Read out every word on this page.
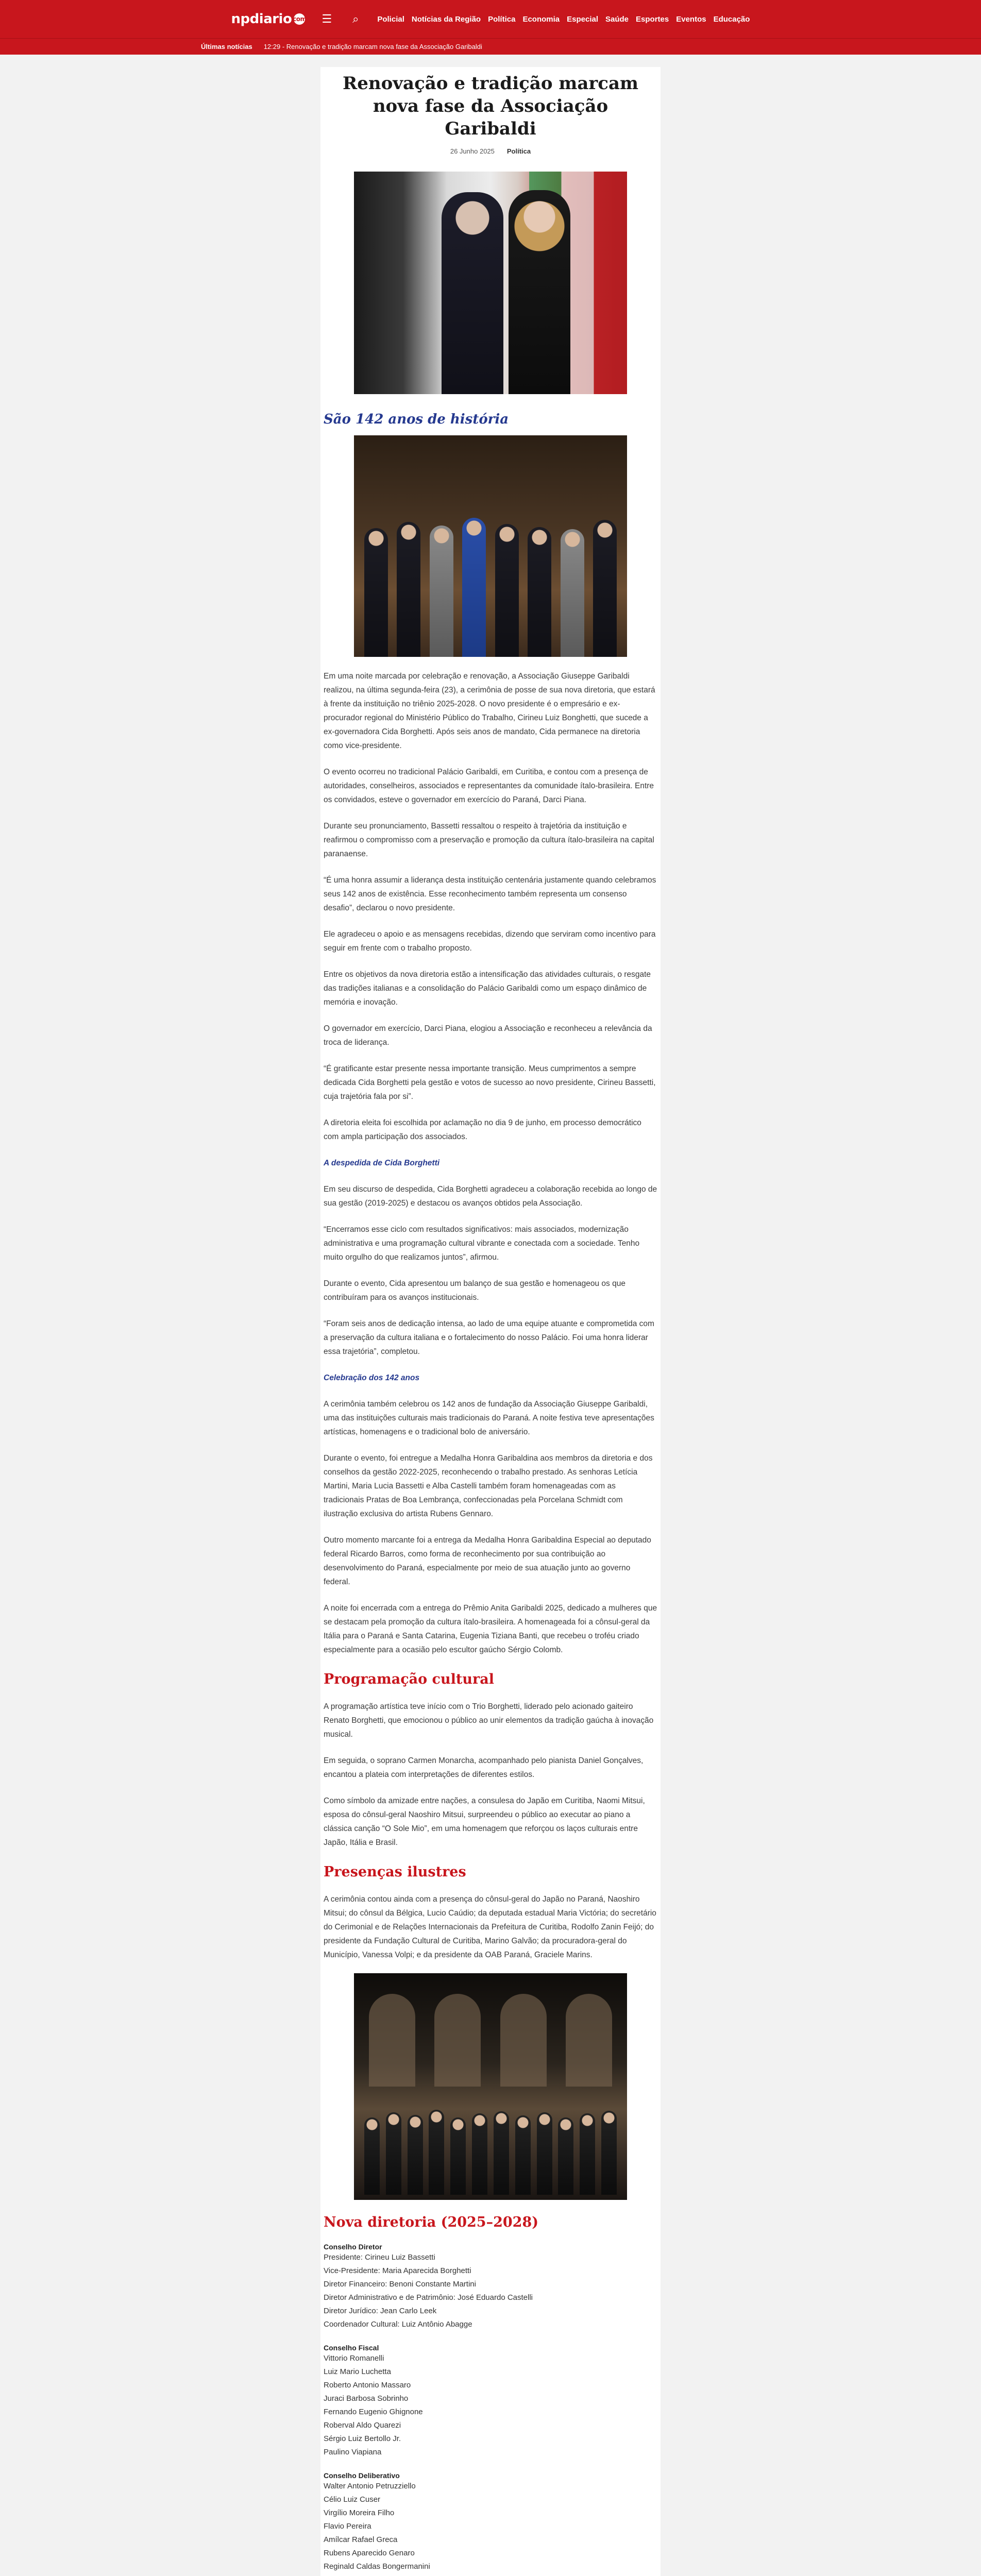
npdiario com ☰	⌕	Policial Notícias da Região Política Economia Especial Saúde Esportes Eventos Educação
Últimas notícias 12:29 - Renovação e tradição marcam nova fase da Associação Garibaldi
Renovação e tradição marcam nova fase da Associação Garibaldi
26 Junho 2025 Política
São 142 anos de história

Em uma noite marcada por celebração e renovação, a Associação Giuseppe Garibaldi realizou, na última segunda-feira (23), a cerimônia de posse de sua nova diretoria, que estará à frente da instituição no triênio 2025-2028. O novo presidente é o empresário e ex-procurador regional do Ministério Público do Trabalho, Cirineu Luiz Bonghetti, que sucede a ex-governadora Cida Borghetti. Após seis anos de mandato, Cida permanece na diretoria como vice-presidente.

O evento ocorreu no tradicional Palácio Garibaldi, em Curitiba, e contou com a presença de autoridades, conselheiros, associados e representantes da comunidade ítalo-brasileira. Entre os convidados, esteve o governador em exercício do Paraná, Darci Piana.

Durante seu pronunciamento, Bassetti ressaltou o respeito à trajetória da instituição e reafirmou o compromisso com a preservação e promoção da cultura ítalo-brasileira na capital paranaense.

“É uma honra assumir a liderança desta instituição centenária justamente quando celebramos seus 142 anos de existência. Esse reconhecimento também representa um consenso desafio”, declarou o novo presidente.

Ele agradeceu o apoio e as mensagens recebidas, dizendo que serviram como incentivo para seguir em frente com o trabalho proposto.

Entre os objetivos da nova diretoria estão a intensificação das atividades culturais, o resgate das tradições italianas e a consolidação do Palácio Garibaldi como um espaço dinâmico de memória e inovação.

O governador em exercício, Darci Piana, elogiou a Associação e reconheceu a relevância da troca de liderança.

“É gratificante estar presente nessa importante transição. Meus cumprimentos a sempre dedicada Cida Borghetti pela gestão e votos de sucesso ao novo presidente, Cirineu Bassetti, cuja trajetória fala por si”.

A diretoria eleita foi escolhida por aclamação no dia 9 de junho, em processo democrático com ampla participação dos associados.

A despedida de Cida Borghetti

Em seu discurso de despedida, Cida Borghetti agradeceu a colaboração recebida ao longo de sua gestão (2019-2025) e destacou os avanços obtidos pela Associação.

“Encerramos esse ciclo com resultados significativos: mais associados, modernização administrativa e uma programação cultural vibrante e conectada com a sociedade. Tenho muito orgulho do que realizamos juntos”, afirmou.

Durante o evento, Cida apresentou um balanço de sua gestão e homenageou os que contribuíram para os avanços institucionais.

“Foram seis anos de dedicação intensa, ao lado de uma equipe atuante e comprometida com a preservação da cultura italiana e o fortalecimento do nosso Palácio. Foi uma honra liderar essa trajetória”, completou.

Celebração dos 142 anos

A cerimônia também celebrou os 142 anos de fundação da Associação Giuseppe Garibaldi, uma das instituições culturais mais tradicionais do Paraná. A noite festiva teve apresentações artísticas, homenagens e o tradicional bolo de aniversário.

Durante o evento, foi entregue a Medalha Honra Garibaldina aos membros da diretoria e dos conselhos da gestão 2022-2025, reconhecendo o trabalho prestado. As senhoras Letícia Martini, Maria Lucia Bassetti e Alba Castelli também foram homenageadas com as tradicionais Pratas de Boa Lembrança, confeccionadas pela Porcelana Schmidt com ilustração exclusiva do artista Rubens Gennaro.

Outro momento marcante foi a entrega da Medalha Honra Garibaldina Especial ao deputado federal Ricardo Barros, como forma de reconhecimento por sua contribuição ao desenvolvimento do Paraná, especialmente por meio de sua atuação junto ao governo federal.

A noite foi encerrada com a entrega do Prêmio Anita Garibaldi 2025, dedicado a mulheres que se destacam pela promoção da cultura ítalo-brasileira. A homenageada foi a cônsul-geral da Itália para o Paraná e Santa Catarina, Eugenia Tiziana Banti, que recebeu o troféu criado especialmente para a ocasião pelo escultor gaúcho Sérgio Colomb.

Programação cultural

A programação artística teve início com o Trio Borghetti, liderado pelo acionado gaiteiro Renato Borghetti, que emocionou o público ao unir elementos da tradição gaúcha à inovação musical.

Em seguida, o soprano Carmen Monarcha, acompanhado pelo pianista Daniel Gonçalves, encantou a plateia com interpretações de diferentes estilos.

Como símbolo da amizade entre nações, a consulesa do Japão em Curitiba, Naomi Mitsui, esposa do cônsul-geral Naoshiro Mitsui, surpreendeu o público ao executar ao piano a clássica canção “O Sole Mio”, em uma homenagem que reforçou os laços culturais entre Japão, Itália e Brasil.

Presenças ilustres

A cerimônia contou ainda com a presença do cônsul-geral do Japão no Paraná, Naoshiro Mitsui; do cônsul da Bélgica, Lucio Caúdio; da deputada estadual Maria Victória; do secretário do Cerimonial e de Relações Internacionais da Prefeitura de Curitiba, Rodolfo Zanin Feijó; do presidente da Fundação Cultural de Curitiba, Marino Galvão; da procuradora-geral do Município, Vanessa Volpi; e da presidente da OAB Paraná, Graciele Marins.

Nova diretoria (2025–2028)
Conselho Diretor
Presidente: Cirineu Luiz Bassetti
Vice-Presidente: Maria Aparecida Borghetti
Diretor Financeiro: Benoni Constante Martini
Diretor Administrativo e de Patrimônio: José Eduardo Castelli
Diretor Jurídico: Jean Carlo Leek
Coordenador Cultural: Luiz Antônio Abagge
Conselho Fiscal
Vittorio Romanelli
Luiz Mario Luchetta
Roberto Antonio Massaro
Juraci Barbosa Sobrinho
Fernando Eugenio Ghignone
Roberval Aldo Quarezi
Sérgio Luiz Bertollo Jr.
Paulino Viapiana
Conselho Deliberativo
Walter Antonio Petruzziello
Célio Luiz Cuser
Virgílio Moreira Filho
Flavio Pereira
Amílcar Rafael Greca
Rubens Aparecido Genaro
Reginald Caldas Bongermanini
